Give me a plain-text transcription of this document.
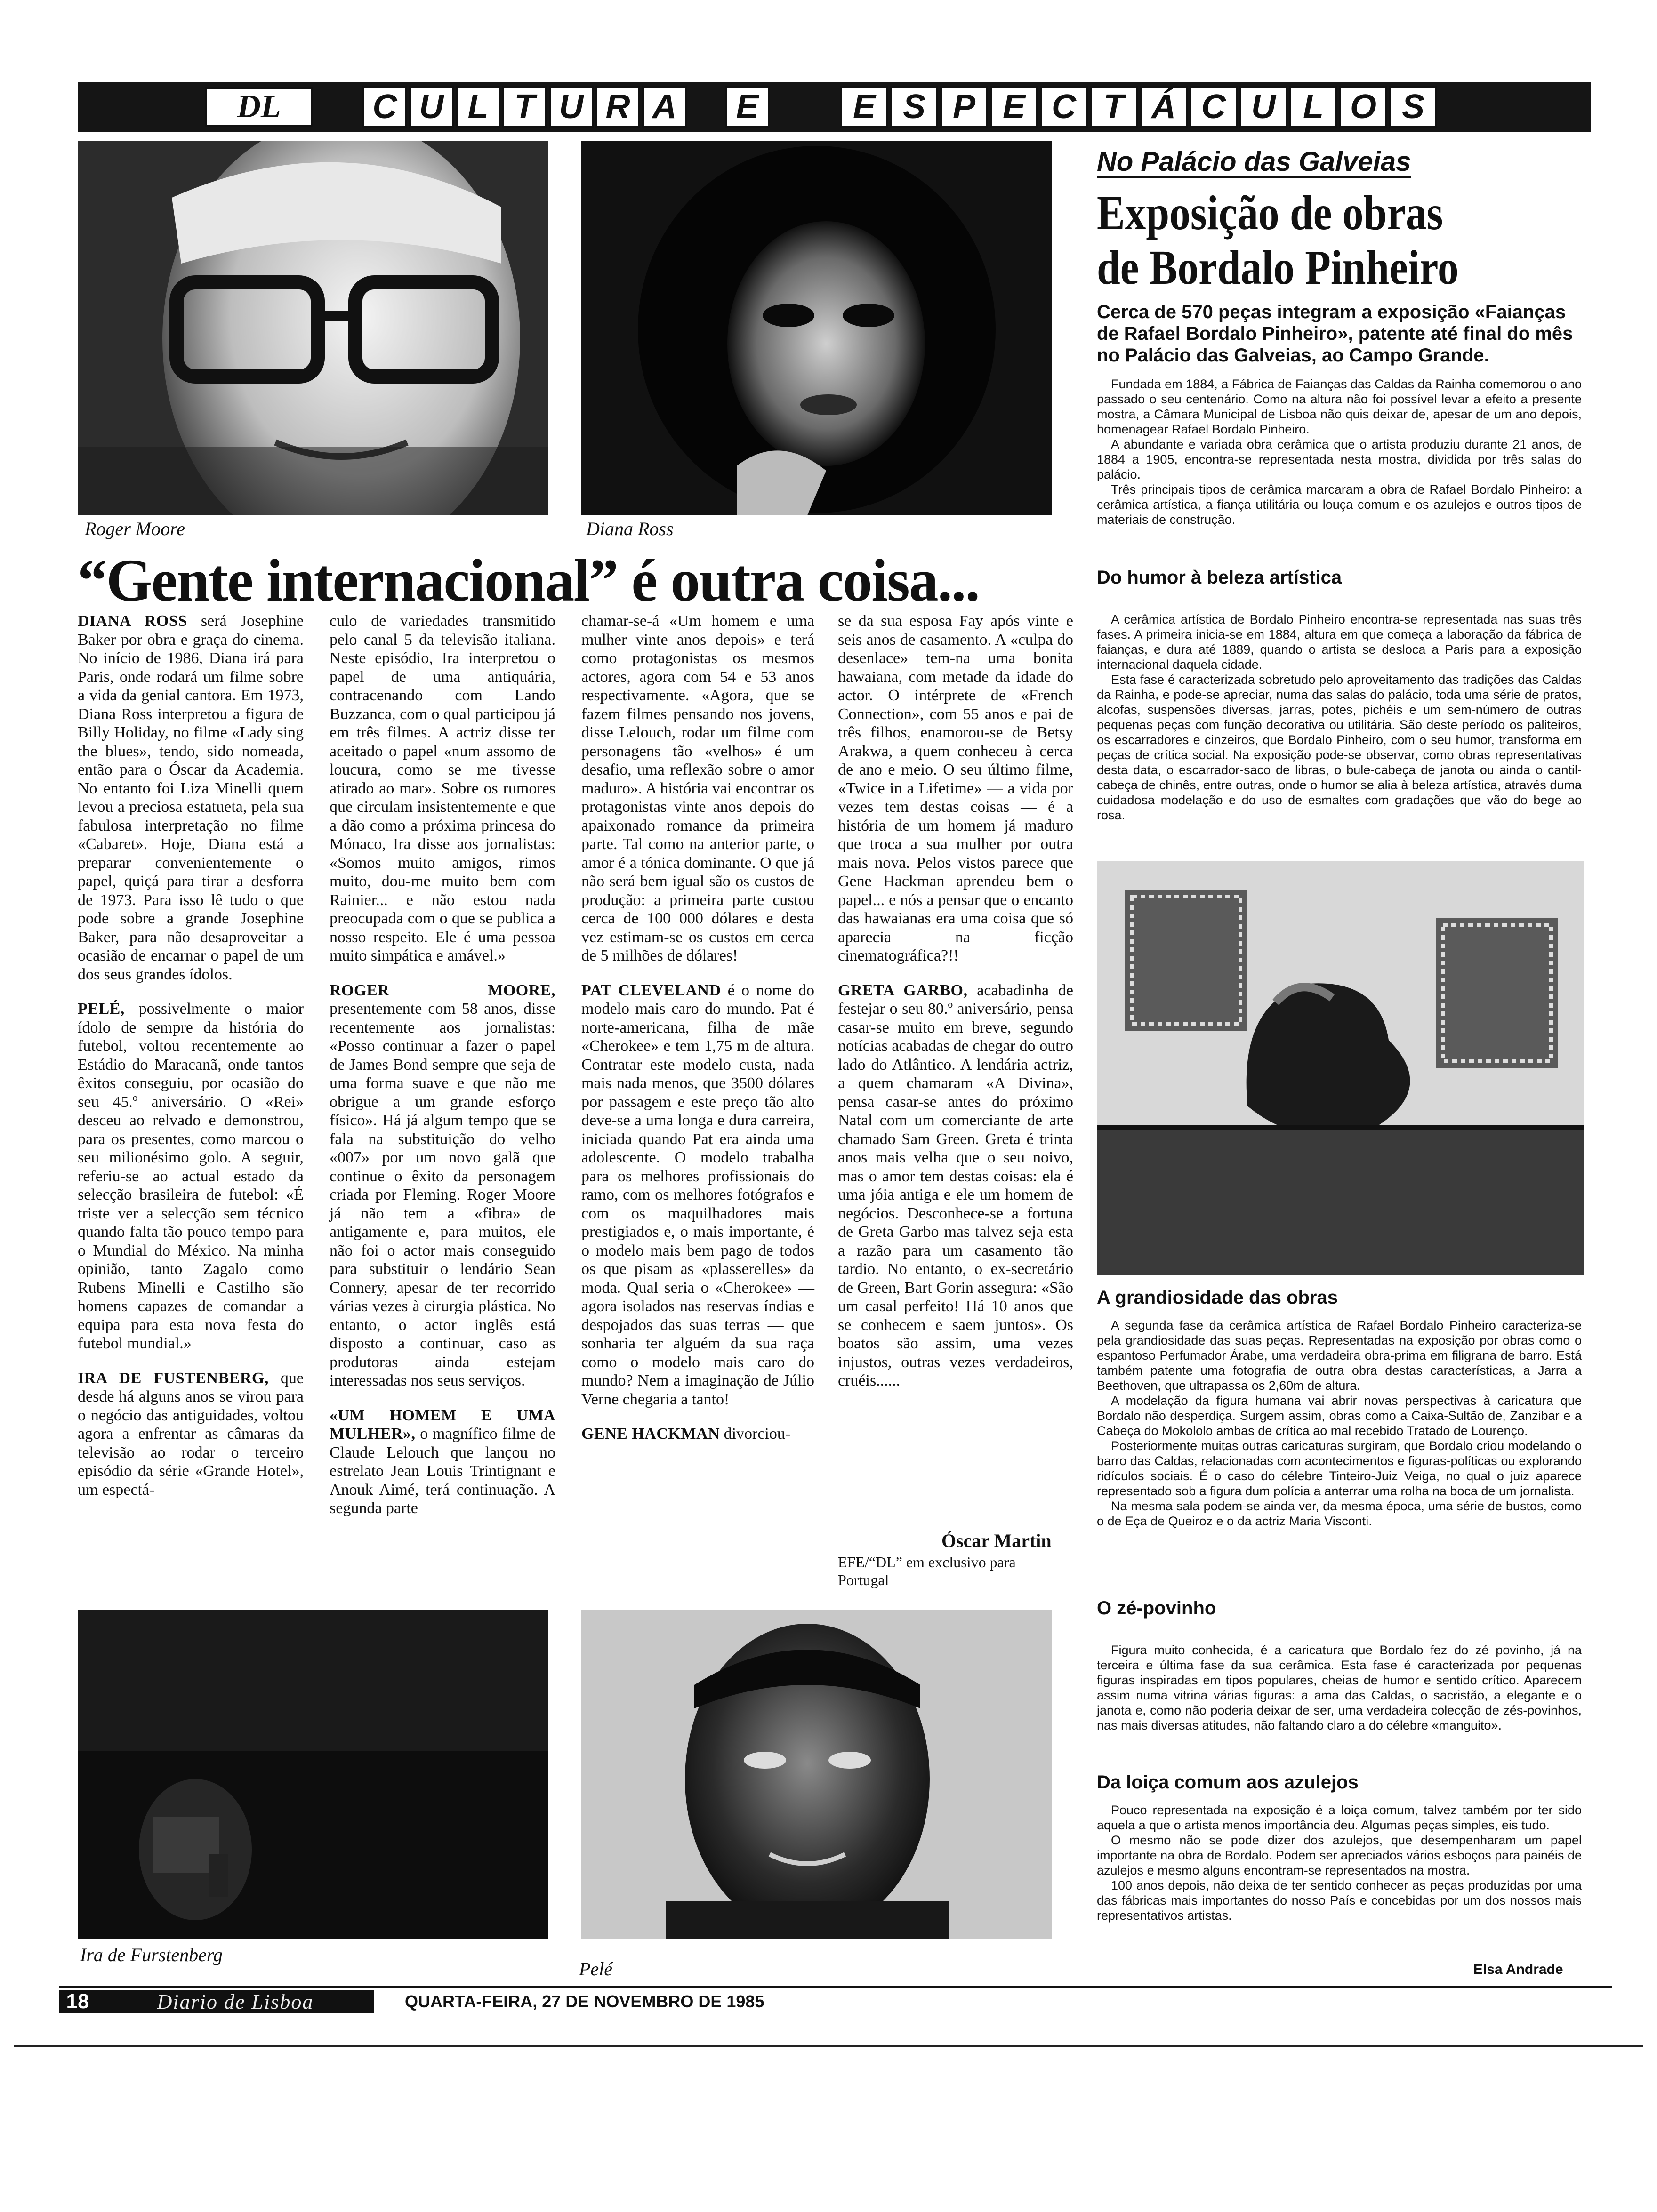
DL	C U L T U R A	E	E S P E C T Á C U L O S
Roger Moore	Diana Ross
“Gente internacional” é outra coisa...

DIANA ROSS será Josephine Baker por obra e graça do cinema. No início de 1986, Diana irá para Paris, onde rodará um filme sobre a vida da genial cantora. Em 1973, Diana Ross interpretou a figura de Billy Holiday, no filme «Lady sing the blues», tendo, sido nomeada, então para o Óscar da Academia. No entanto foi Liza Minelli quem levou a preciosa estatueta, pela sua fabulosa interpretação no filme «Cabaret». Hoje, Diana está a preparar convenientemente o papel, quiçá para tirar a desforra de 1973. Para isso lê tudo o que pode sobre a grande Josephine Baker, para não desaproveitar a ocasião de encarnar o papel de um dos seus grandes ídolos.

PELÉ, possivelmente o maior ídolo de sempre da história do futebol, voltou recentemente ao Estádio do Maracanã, onde tantos êxitos conseguiu, por ocasião do seu 45.º aniversário. O «Rei» desceu ao relvado e demonstrou, para os presentes, como marcou o seu milionésimo golo. A seguir, referiu-se ao actual estado da selecção brasileira de futebol: «É triste ver a selecção sem técnico quando falta tão pouco tempo para o Mundial do México. Na minha opinião, tanto Zagalo como Rubens Minelli e Castilho são homens capazes de comandar a equipa para esta nova festa do futebol mundial.»

IRA DE FUSTENBERG, que desde há alguns anos se virou para o negócio das antiguidades, voltou agora a enfrentar as câmaras da televisão ao rodar o terceiro episódio da série «Grande Hotel», um espectá-

culo de variedades transmitido pelo canal 5 da televisão italiana. Neste episódio, Ira interpretou o papel de uma antiquária, contracenando com Lando Buzzanca, com o qual participou já em três filmes. A actriz disse ter aceitado o papel «num assomo de loucura, como se me tivesse atirado ao mar». Sobre os rumores que circulam insistentemente e que a dão como a próxima princesa do Mónaco, Ira disse aos jornalistas: «Somos muito amigos, rimos muito, dou-me muito bem com Rainier... e não estou nada preocupada com o que se publica a nosso respeito. Ele é uma pessoa muito simpática e amável.»

ROGER MOORE, presentemente com 58 anos, disse recentemente aos jornalistas: «Posso continuar a fazer o papel de James Bond sempre que seja de uma forma suave e que não me obrigue a um grande esforço físico». Há já algum tempo que se fala na substituição do velho «007» por um novo galã que continue o êxito da personagem criada por Fleming. Roger Moore já não tem a «fibra» de antigamente e, para muitos, ele não foi o actor mais conseguido para substituir o lendário Sean Connery, apesar de ter recorrido várias vezes à cirurgia plástica. No entanto, o actor inglês está disposto a continuar, caso as produtoras ainda estejam interessadas nos seus serviços.

«UM HOMEM E UMA MULHER», o magnífico filme de Claude Lelouch que lançou no estrelato Jean Louis Trintignant e Anouk Aimé, terá continuação. A segunda parte

chamar-se-á «Um homem e uma mulher vinte anos depois» e terá como protagonistas os mesmos actores, agora com 54 e 53 anos respectivamente. «Agora, que se fazem filmes pensando nos jovens, disse Lelouch, rodar um filme com personagens tão «velhos» é um desafio, uma reflexão sobre o amor maduro». A história vai encontrar os protagonistas vinte anos depois do apaixonado romance da primeira parte. Tal como na anterior parte, o amor é a tónica dominante. O que já não será bem igual são os custos de produção: a primeira parte custou cerca de 100 000 dólares e desta vez estimam-se os custos em cerca de 5 milhões de dólares!

PAT CLEVELAND é o nome do modelo mais caro do mundo. Pat é norte-americana, filha de mãe «Cherokee» e tem 1,75 m de altura. Contratar este modelo custa, nada mais nada menos, que 3500 dólares por passagem e este preço tão alto deve-se a uma longa e dura carreira, iniciada quando Pat era ainda uma adolescente. O modelo trabalha para os melhores profissionais do ramo, com os melhores fotógrafos e com os maquilhadores mais prestigiados e, o mais importante, é o modelo mais bem pago de todos os que pisam as «plasserelles» da moda. Qual seria o «Cherokee» — agora isolados nas reservas índias e despojados das suas terras — que sonharia ter alguém da sua raça como o modelo mais caro do mundo? Nem a imaginação de Júlio Verne chegaria a tanto!

GENE HACKMAN divorciou-

se da sua esposa Fay após vinte e seis anos de casamento. A «culpa do desenlace» tem-na uma bonita hawaiana, com metade da idade do actor. O intérprete de «French Connection», com 55 anos e pai de três filhos, enamorou-se de Betsy Arakwa, a quem conheceu à cerca de ano e meio. O seu último filme, «Twice in a Lifetime» — a vida por vezes tem destas coisas — é a história de um homem já maduro que troca a sua mulher por outra mais nova. Pelos vistos parece que Gene Hackman aprendeu bem o papel... e nós a pensar que o encanto das hawaianas era uma coisa que só aparecia na ficção cinematográfica?!!

GRETA GARBO, acabadinha de festejar o seu 80.º aniversário, pensa casar-se muito em breve, segundo notícias acabadas de chegar do outro lado do Atlântico. A lendária actriz, a quem chamaram «A Divina», pensa casar-se antes do próximo Natal com um comerciante de arte chamado Sam Green. Greta é trinta anos mais velha que o seu noivo, mas o amor tem destas coisas: ela é uma jóia antiga e ele um homem de negócios. Desconhece-se a fortuna de Greta Garbo mas talvez seja esta a razão para um casamento tão tardio. No entanto, o ex-secretário de Green, Bart Gorin assegura: «São um casal perfeito! Há 10 anos que se conhecem e saem juntos». Os boatos são assim, uma vezes injustos, outras vezes verdadeiros, cruéis......

Óscar Martin
EFE/“DL” em exclusivo para Portugal
Ira de Furstenberg
Pelé
No Palácio das Galveias
Exposição de obras
de Bordalo Pinheiro
Cerca de 570 peças integram a exposição «Faianças de Rafael Bordalo Pinheiro», patente até final do mês no Palácio das Galveias, ao Campo Grande.

Fundada em 1884, a Fábrica de Faianças das Caldas da Rainha comemorou o ano passado o seu centenário. Como na altura não foi possível levar a efeito a presente mostra, a Câmara Municipal de Lisboa não quis deixar de, apesar de um ano depois, homenagear Rafael Bordalo Pinheiro.

A abundante e variada obra cerâmica que o artista produziu durante 21 anos, de 1884 a 1905, encontra-se representada nesta mostra, dividida por três salas do palácio.

Três principais tipos de cerâmica marcaram a obra de Rafael Bordalo Pinheiro: a cerâmica artística, a fiança utilitária ou louça comum e os azulejos e outros tipos de materiais de construção.

Do humor à beleza artística

A cerâmica artística de Bordalo Pinheiro encontra-se representada nas suas três fases. A primeira inicia-se em 1884, altura em que começa a laboração da fábrica de faianças, e dura até 1889, quando o artista se desloca a Paris para a exposição internacional daquela cidade.

Esta fase é caracterizada sobretudo pelo aproveitamento das tradições das Caldas da Rainha, e pode-se apreciar, numa das salas do palácio, toda uma série de pratos, alcofas, suspensões diversas, jarras, potes, pichéis e um sem-número de outras pequenas peças com função decorativa ou utilitária. São deste período os paliteiros, os escarradores e cinzeiros, que Bordalo Pinheiro, com o seu humor, transforma em peças de crítica social. Na exposição pode-se observar, como obras representativas desta data, o escarrador-saco de libras, o bule-cabeça de janota ou ainda o cantil-cabeça de chinês, entre outras, onde o humor se alia à beleza artística, através duma cuidadosa modelação e do uso de esmaltes com gradações que vão do bege ao rosa.

A grandiosidade das obras

A segunda fase da cerâmica artística de Rafael Bordalo Pinheiro caracteriza-se pela grandiosidade das suas peças. Representadas na exposição por obras como o espantoso Perfumador Árabe, uma verdadeira obra-prima em filigrana de barro. Está também patente uma fotografia de outra obra destas características, a Jarra a Beethoven, que ultrapassa os 2,60m de altura.

A modelação da figura humana vai abrir novas perspectivas à caricatura que Bordalo não desperdiça. Surgem assim, obras como a Caixa-Sultão de, Zanzibar e a Cabeça do Mokololo ambas de crítica ao mal recebido Tratado de Lourenço.

Posteriormente muitas outras caricaturas surgiram, que Bordalo criou modelando o barro das Caldas, relacionadas com acontecimentos e figuras-políticas ou explorando ridículos sociais. É o caso do célebre Tinteiro-Juiz Veiga, no qual o juiz aparece representado sob a figura dum polícia a anterrar uma rolha na boca de um jornalista.

Na mesma sala podem-se ainda ver, da mesma época, uma série de bustos, como o de Eça de Queiroz e o da actriz Maria Visconti.

O zé-povinho

Figura muito conhecida, é a caricatura que Bordalo fez do zé povinho, já na terceira e última fase da sua cerâmica. Esta fase é caracterizada por pequenas figuras inspiradas em tipos populares, cheias de humor e sentido crítico. Aparecem assim numa vitrina várias figuras: a ama das Caldas, o sacristão, a elegante e o janota e, como não poderia deixar de ser, uma verdadeira colecção de zés-povinhos, nas mais diversas atitudes, não faltando claro a do célebre «manguito».

Da loiça comum aos azulejos

Pouco representada na exposição é a loiça comum, talvez também por ter sido aquela a que o artista menos importância deu. Algumas peças simples, eis tudo.

O mesmo não se pode dizer dos azulejos, que desempenharam um papel importante na obra de Bordalo. Podem ser apreciados vários esboços para painéis de azulejos e mesmo alguns encontram-se representados na mostra.

100 anos depois, não deixa de ter sentido conhecer as peças produzidas por uma das fábricas mais importantes do nosso País e concebidas por um dos nossos mais representativos artistas.

Elsa Andrade
18	Diario de Lisboa	QUARTA-FEIRA, 27 DE NOVEMBRO DE 1985
